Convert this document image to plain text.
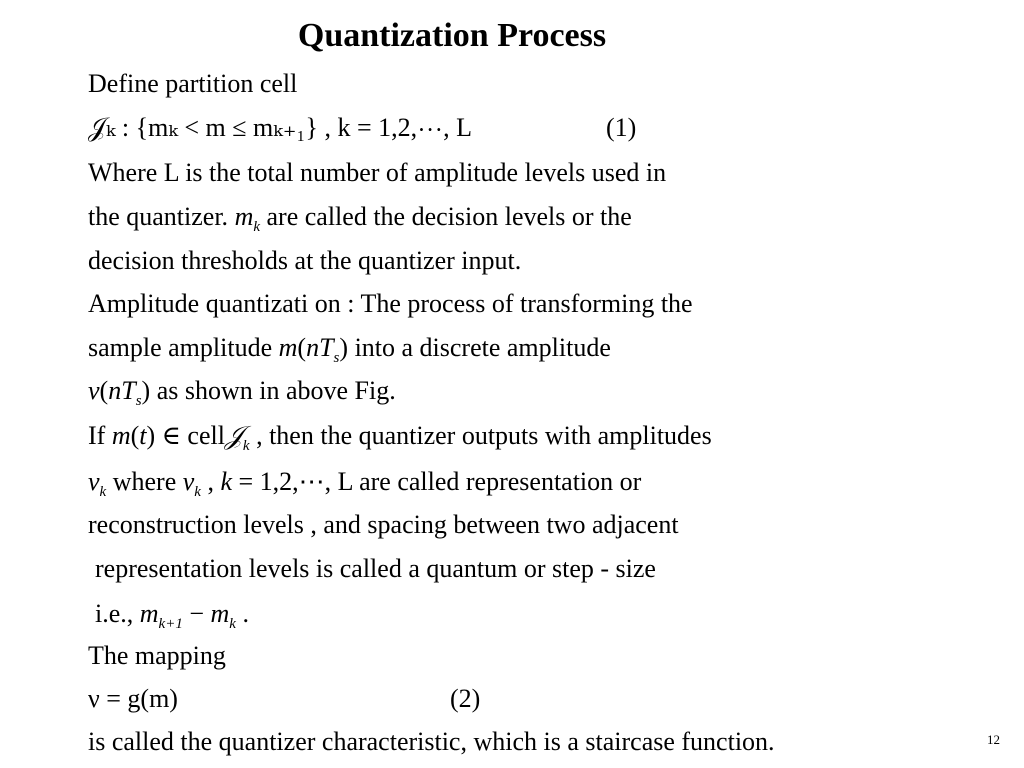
Quantization Process
Define partition cell
𝒥ₖ : {mₖ < m ≤ mₖ₊₁} , k = 1,2,⋯, L	(1)
Where L is the total number of amplitude levels used in
the quantizer. $m_k$ are called the decision levels or the
decision thresholds at the quantizer input.
Amplitude quantizati on : The process of transforming the
sample amplitude $m(nT_s)$ into a discrete amplitude
$\nu(nT_s)$ as shown in above Fig.
If m(t) ∈ cell𝒥$_k$ , then the quantizer outputs with amplitudes
$v_k$ where $v_k$ , k = 1,2,⋯, L are called representation or
reconstruction levels , and spacing between two adjacent
representation levels is called a quantum or step - size
i.e., $m_{k+1} - m_k$ .
The mapping
ν = g(m)	(2)
is called the quantizer characteristic, which is a staircase function.	12
